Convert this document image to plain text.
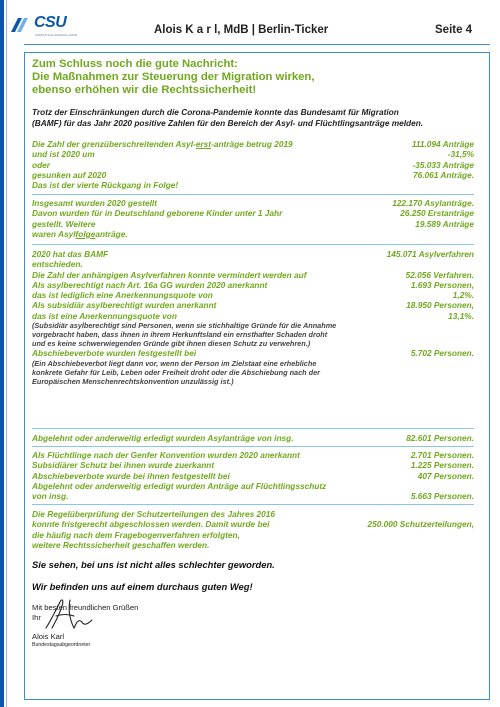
CSU
CHRISTLICH-SOZIALE UNION	Alois K a r l, MdB | Berlin-Ticker	Seite 4
Zum Schluss noch die gute Nachricht:
Die Maßnahmen zur Steuerung der Migration wirken,
ebenso erhöhen wir die Rechtssicherheit!
Trotz der Einschränkungen durch die Corona-Pandemie konnte das Bundesamt für Migration
(BAMF) für das Jahr 2020 positive Zahlen für den Bereich der Asyl- und Flüchtlingsanträge melden.
Die Zahl der grenzüberschreitenden Asyl-erst-anträge betrug 2019	111.094 Anträge
und ist 2020 um	-31,5%
oder	-35.033 Anträge
gesunken auf 2020	76.061 Anträge.
Das ist der vierte Rückgang in Folge!
Insgesamt wurden 2020 gestellt	122.170 Asylanträge.
Davon wurden für in Deutschland geborene Kinder unter 1 Jahr	26.250 Erstanträge
gestellt. Weitere	19.589 Anträge
waren Asylfolgeanträge.
2020 hat das BAMF	145.071 Asylverfahren
entschieden.
Die Zahl der anhängigen Asylverfahren konnte vermindert werden auf	52.056 Verfahren.
Als asylberechtigt nach Art. 16a GG wurden 2020 anerkannt	1.693 Personen,
das ist lediglich eine Anerkennungsquote von	1,2%.
Als subsidiär asylberechtigt wurden anerkannt	18.950 Personen,
das ist eine Anerkennungsquote von	13,1%.
(Subsidiär asylberechtigt sind Personen, wenn sie stichhaltige Gründe für die Annahme
vorgebracht haben, dass ihnen in ihrem Herkunftsland ein ernsthafter Schaden droht
und es keine schwerwiegenden Gründe gibt ihnen diesen Schutz zu verwehren.)
Abschiebeverbote wurden festgestellt bei	5.702 Personen.
(Ein Abschiebeverbot liegt dann vor, wenn der Person im Zielstaat eine erhebliche
konkrete Gefahr für Leib, Leben oder Freiheit droht oder die Abschiebung nach der
Europäischen Menschenrechtskonvention unzulässig ist.)
Abgelehnt oder anderweitig erledigt wurden Asylanträge von insg.	82.601 Personen.
Als Flüchtlinge nach der Genfer Konvention wurden 2020 anerkannt	2.701 Personen.
Subsidiärer Schutz bei ihnen wurde zuerkannt	1.225 Personen.
Abschiebeverbote wurde bei ihnen festgestellt bei	407 Personen.
Abgelehnt oder anderweitig erledigt wurden Anträge auf Flüchtlingsschutz
von insg.	5.663 Personen.
Die Regelüberprüfung der Schutzerteilungen des Jahres 2016
konnte fristgerecht abgeschlossen werden. Damit wurde bei	250.000 Schutzerteilungen,
die häufig nach dem Fragebogenverfahren erfolgten,
weitere Rechtssicherheit geschaffen werden.
Sie sehen, bei uns ist nicht alles schlechter geworden.
Wir befinden uns auf einem durchaus guten Weg!
Mit besten freundlichen Grüßen
Ihr
Alois Karl
Bundestagsabgeordneter
